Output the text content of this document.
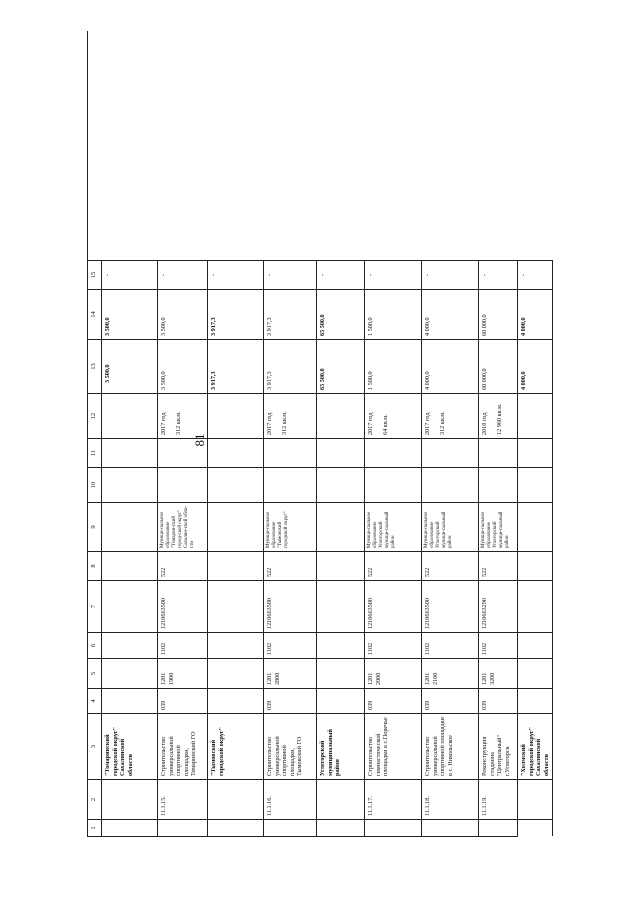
81
1
2
3
4
5
6
7
8
9
10
11
12
13
14
15
"Томаринский городской округ" Сахалинской области
3 500,0
3 500,0
-
11.1.15.
Строительство универсальной спортивной площадки, Томаринский ГО
039
1201
1900
1102
1210663500
522
Муници-пальное образование "Томарин-ский город-ской округ" Сахалин-ской обла-сти
2017 год

312 кв.м.
3 500,0
3 500,0
-
"Тымовский городской округ"
3 917,3
3 917,3
-
11.1.16.
Строительство универсальной спортивной площадки, Тымовский ГО
039
1201
2800
1102
1210663500
522
Муници-пальное образование "Тымовский городской округ"
2017 год

312 кв.м.
3 917,3
3 917,3
-
Углегорский муниципальный район
65 500,0
65 500,0
-
11.1.17.
Строительство гимнастической площадки в с.Поречье
039
1201
2000
1102
1210663500
522
Муници-пальное образование Углегорский муници-пальный район
2017 год

64 кв.м.
1 500,0
1 500,0
-
11.1.18.
Строительство универсальной спортивной площадки в с. Никольское
039
1201
2100
1102
1210663500
522
Муници-пальное образование Углегорский муници-пальный район
2017 год

312 кв.м.
4 000,0
4 000,0
-
11.1.19.
Реконструкция стадиона "Центральный" г.Углегорск
039
1201
3200
1102
1210663290
522
Муници-пальное образование Углегорский муници-пальный район
2018 год

12 960 кв.м.
60 000,0
60 000,0
-
"Холмский городской округ" Сахалинской области
4 000,0
4 000,0
-
